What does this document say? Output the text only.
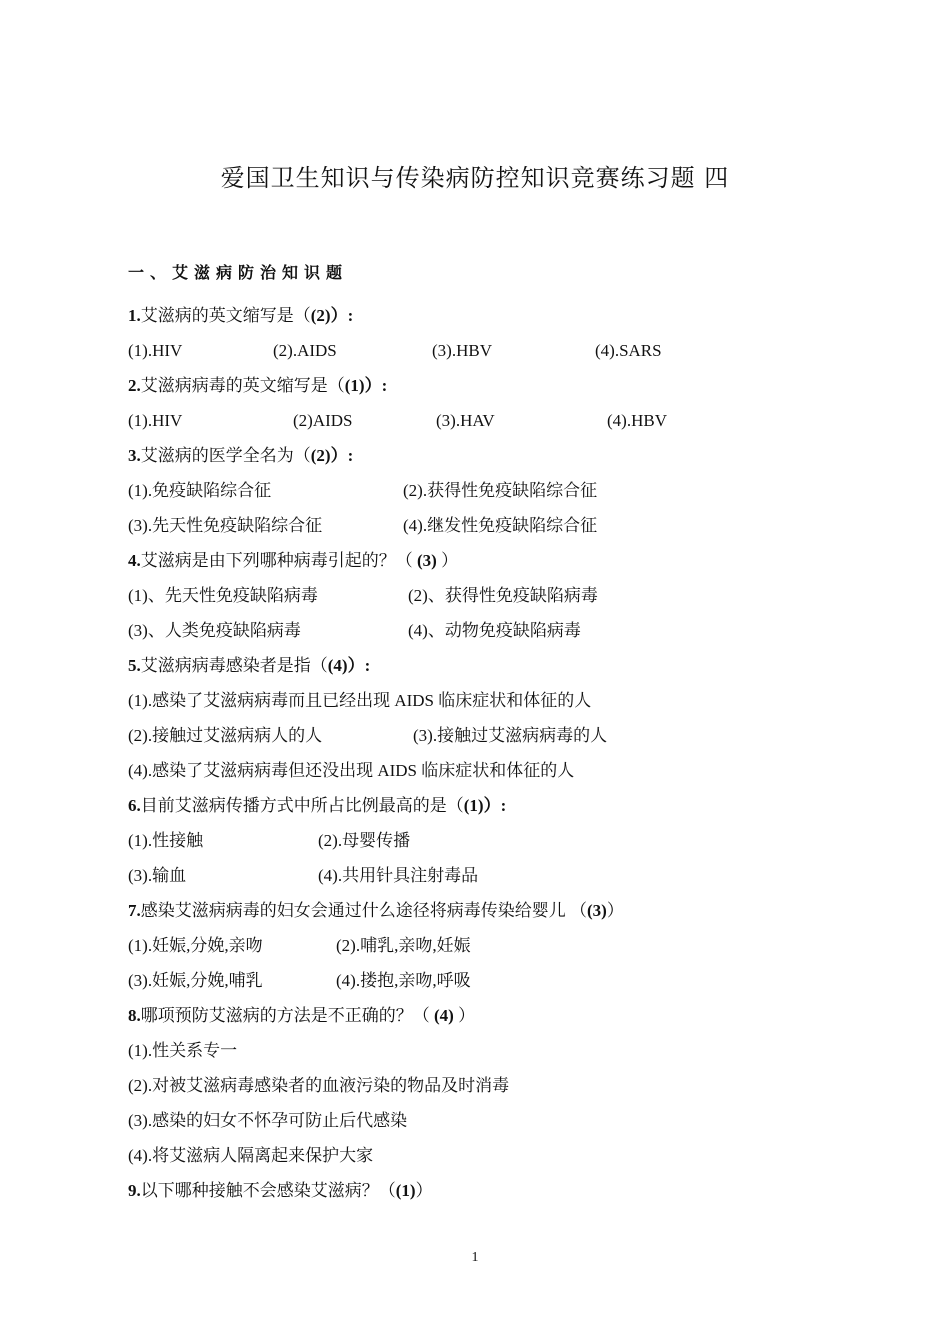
爱国卫生知识与传染病防控知识竞赛练习题 四
一、艾滋病防治知识题
1.艾滋病的英文缩写是（(2)）:
(1).HIV	(2).AIDS	(3).HBV	(4).SARS
2.艾滋病病毒的英文缩写是（(1)）:
(1).HIV	(2)AIDS	(3).HAV	(4).HBV
3.艾滋病的医学全名为（(2)）:
(1).免疫缺陷综合征	(2).获得性免疫缺陷综合征
(3).先天性免疫缺陷综合征	(4).继发性免疫缺陷综合征
4.艾滋病是由下列哪种病毒引起的？（ (3) ）
(1)、先天性免疫缺陷病毒	(2)、获得性免疫缺陷病毒
(3)、人类免疫缺陷病毒	(4)、动物免疫缺陷病毒
5.艾滋病病毒感染者是指（(4)）:
(1).感染了艾滋病病毒而且已经出现 AIDS 临床症状和体征的人
(2).接触过艾滋病病人的人	(3).接触过艾滋病病毒的人
(4).感染了艾滋病病毒但还没出现 AIDS 临床症状和体征的人
6.目前艾滋病传播方式中所占比例最高的是（(1)）:
(1).性接触	(2).母婴传播
(3).输血	(4).共用针具注射毒品
7.感染艾滋病病毒的妇女会通过什么途径将病毒传染给婴儿 （(3)）
(1).妊娠,分娩,亲吻	(2).哺乳,亲吻,妊娠
(3).妊娠,分娩,哺乳	(4).搂抱,亲吻,呼吸
8.哪项预防艾滋病的方法是不正确的？（ (4) ）
(1).性关系专一
(2).对被艾滋病毒感染者的血液污染的物品及时消毒
(3).感染的妇女不怀孕可防止后代感染
(4).将艾滋病人隔离起来保护大家
9.以下哪种接触不会感染艾滋病？（(1)）
1
